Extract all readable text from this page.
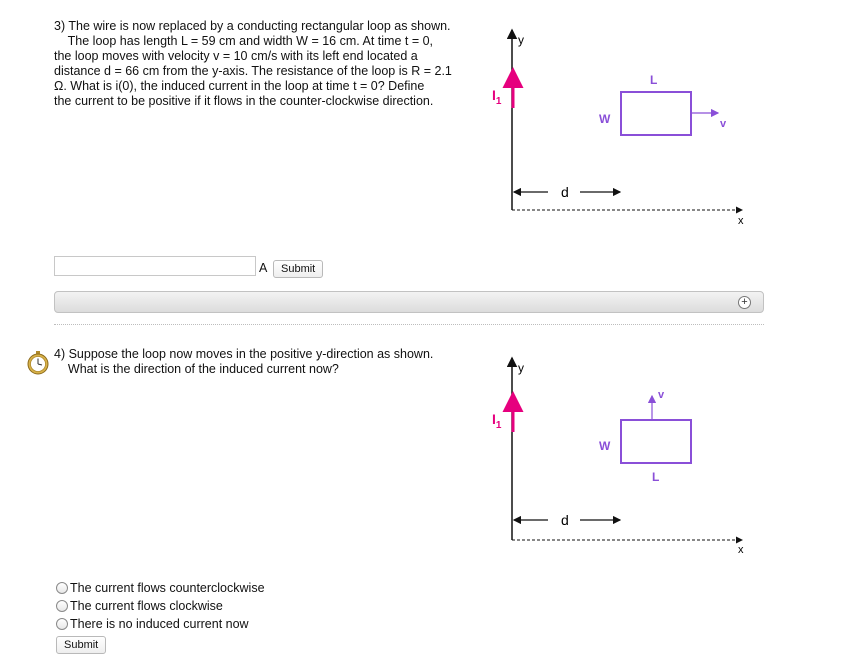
3) The wire is now replaced by a conducting rectangular loop as shown.
The loop has length L = 59 cm and width W = 16 cm. At time t = 0,
the loop moves with velocity v = 10 cm/s with its left end located a
distance d = 66 cm from the y-axis. The resistance of the loop is R = 2.1
Ω. What is i(0), the induced current in the loop at time t = 0? Define
the current to be positive if it flows in the counter-clockwise direction.
y
x
$I_1$
L
W	v
d
A	Submit
+
4) Suppose the loop now moves in the positive y-direction as shown.
What is the direction of the induced current now?	y
x
$I_1$
W
L
v
d
The current flows counterclockwise
The current flows clockwise
There is no induced current now
Submit
